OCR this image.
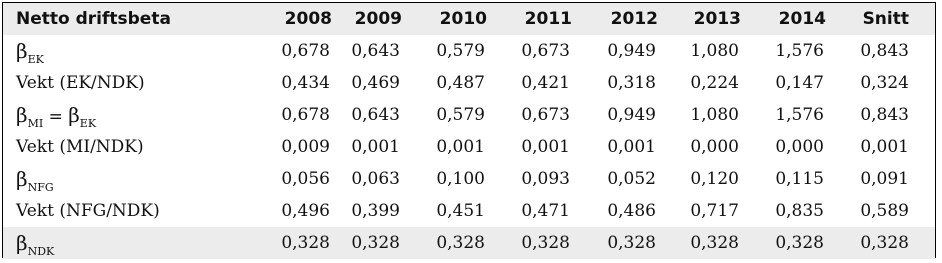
Netto driftsbeta	2008	2009	2010	2011	2012	2013	2014	Snitt
$\beta_{EK}$	0,678	0,643	0,579	0,673	0,949	1,080	1,576	0,843
Vekt (EK/NDK)	0,434	0,469	0,487	0,421	0,318	0,224	0,147	0,324
$\beta_{MI} = \beta_{EK}$	0,678	0,643	0,579	0,673	0,949	1,080	1,576	0,843
Vekt (MI/NDK)	0,009	0,001	0,001	0,001	0,001	0,000	0,000	0,001
$\beta_{NFG}$	0,056	0,063	0,100	0,093	0,052	0,120	0,115	0,091
Vekt (NFG/NDK)	0,496	0,399	0,451	0,471	0,486	0,717	0,835	0,589
$\beta_{NDK}$	0,328	0,328	0,328	0,328	0,328	0,328	0,328	0,328
